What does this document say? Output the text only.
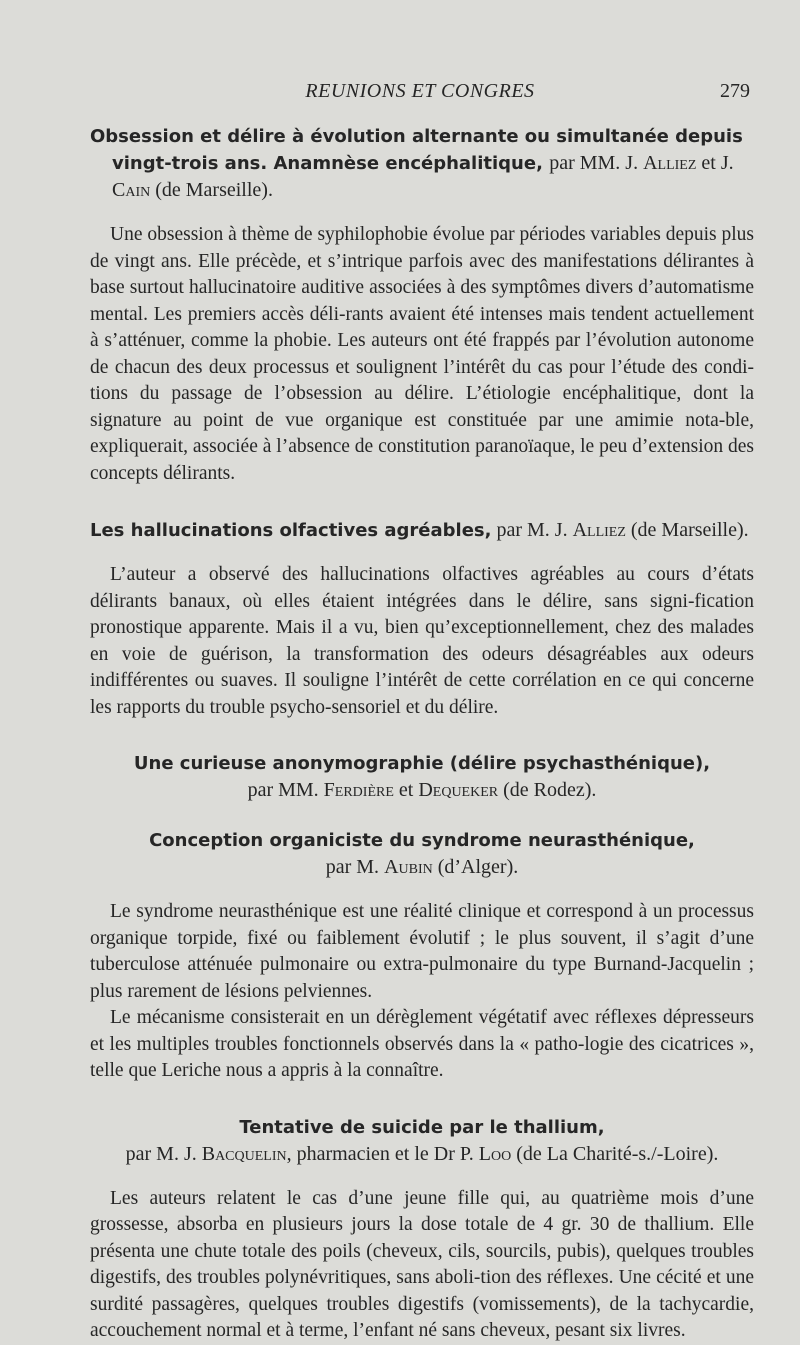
REUNIONS ET CONGRES	279
Obsession et délire à évolution alternante ou simultanée depuis vingt-trois ans. Anamnèse encéphalitique, par MM. J. Alliez et J. Cain (de Marseille).

Une obsession à thème de syphilophobie évolue par périodes variables depuis plus de vingt ans. Elle précède, et s’intrique parfois avec des manifestations délirantes à base surtout hallucinatoire auditive associées à des symptômes divers d’automatisme mental. Les premiers accès déli-rants avaient été intenses mais tendent actuellement à s’atténuer, comme la phobie. Les auteurs ont été frappés par l’évolution autonome de chacun des deux processus et soulignent l’intérêt du cas pour l’étude des condi-tions du passage de l’obsession au délire. L’étiologie encéphalitique, dont la signature au point de vue organique est constituée par une amimie nota-ble, expliquerait, associée à l’absence de constitution paranoïaque, le peu d’extension des concepts délirants.

Les hallucinations olfactives agréables, par M. J. Alliez (de Marseille).

L’auteur a observé des hallucinations olfactives agréables au cours d’états délirants banaux, où elles étaient intégrées dans le délire, sans signi-fication pronostique apparente. Mais il a vu, bien qu’exceptionnellement, chez des malades en voie de guérison, la transformation des odeurs désagréables aux odeurs indifférentes ou suaves. Il souligne l’intérêt de cette corrélation en ce qui concerne les rapports du trouble psycho-sensoriel et du délire.

Une curieuse anonymographie (délire psychasthénique),
par MM. Ferdière et Dequeker (de Rodez).
Conception organiciste du syndrome neurasthénique,
par M. Aubin (d’Alger).

Le syndrome neurasthénique est une réalité clinique et correspond à un processus organique torpide, fixé ou faiblement évolutif ; le plus souvent, il s’agit d’une tuberculose atténuée pulmonaire ou extra-pulmonaire du type Burnand-Jacquelin ; plus rarement de lésions pelviennes.

Le mécanisme consisterait en un dérèglement végétatif avec réflexes dépresseurs et les multiples troubles fonctionnels observés dans la « patho-logie des cicatrices », telle que Leriche nous a appris à la connaître.

Tentative de suicide par le thallium,
par M. J. Bacquelin, pharmacien et le Dr P. Loo (de La Charité-s./-Loire).

Les auteurs relatent le cas d’une jeune fille qui, au quatrième mois d’une grossesse, absorba en plusieurs jours la dose totale de 4 gr. 30 de thallium. Elle présenta une chute totale des poils (cheveux, cils, sourcils, pubis), quelques troubles digestifs, des troubles polynévritiques, sans aboli-tion des réflexes. Une cécité et une surdité passagères, quelques troubles digestifs (vomissements), de la tachycardie, accouchement normal et à terme, l’enfant né sans cheveux, pesant six livres.
